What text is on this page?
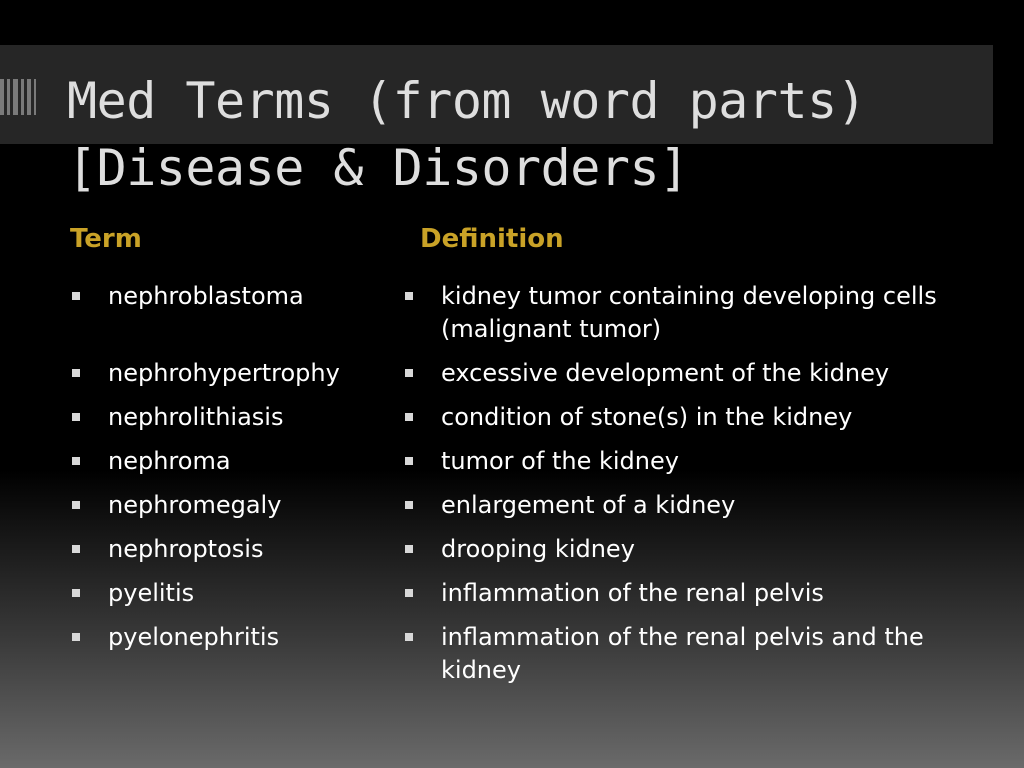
Med Terms (from word parts)
[Disease & Disorders]
Term	Definition
nephroblastoma
nephrohypertrophy
nephrolithiasis
nephroma
nephromegaly
nephroptosis
pyelitis
pyelonephritis
kidney tumor containing developing cells (malignant tumor)
excessive development of the kidney
condition of stone(s) in the kidney
tumor of the kidney
enlargement of a kidney
drooping kidney
inflammation of the renal pelvis
inflammation of the renal pelvis and the kidney
